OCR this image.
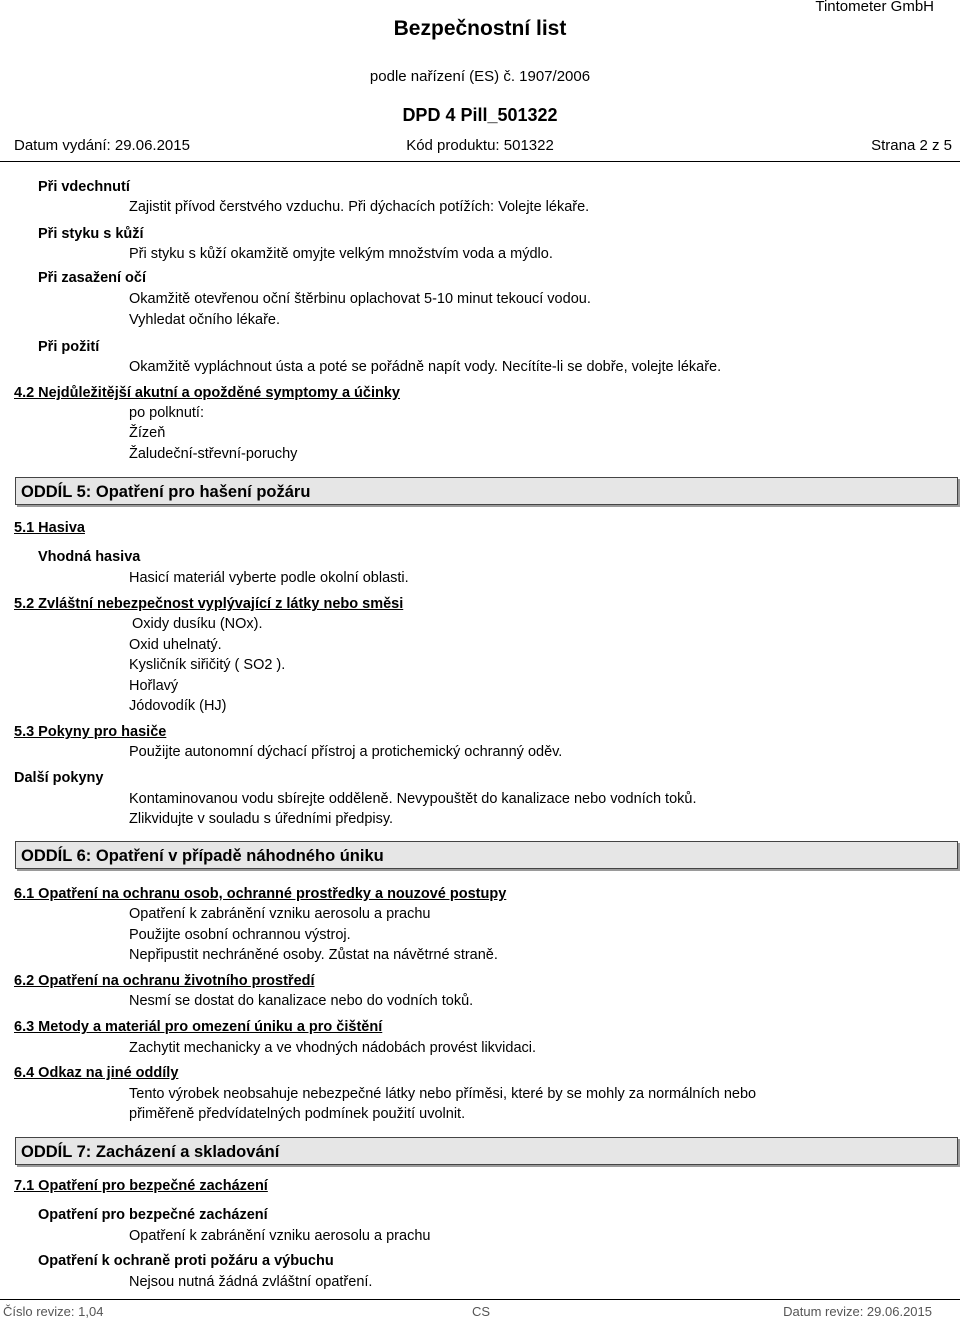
Bezpečnostní list
Tintometer GmbH
podle nařízení (ES) č. 1907/2006
DPD 4 Pill_501322
Datum vydání: 29.06.2015	Kód produktu: 501322	Strana 2 z 5
Při vdechnutí
Zajistit přívod čerstvého vzduchu. Při dýchacích potížích: Volejte lékaře.
Při styku s kůží
Při styku s kůží okamžitě omyjte velkým množstvím voda a mýdlo.
Při zasažení očí
Okamžitě otevřenou oční štěrbinu oplachovat 5-10 minut tekoucí vodou.
Vyhledat očního lékaře.
Při požití
Okamžitě vypláchnout ústa a poté se pořádně napít vody. Necítíte-li se dobře, volejte lékaře.
4.2 Nejdůležitější akutní a opožděné symptomy a účinky
po polknutí:
Žízeň
Žaludeční-střevní-poruchy
ODDÍL 5: Opatření pro hašení požáru
5.1 Hasiva
Vhodná hasiva
Hasicí materiál vyberte podle okolní oblasti.
5.2 Zvláštní nebezpečnost vyplývající z látky nebo směsi
Oxidy dusíku (NOx).
Oxid uhelnatý.
Kysličník siřičitý ( SO2 ).
Hořlavý
Jódovodík (HJ)
5.3 Pokyny pro hasiče
Použijte autonomní dýchací přístroj a protichemický ochranný oděv.
Další pokyny
Kontaminovanou vodu sbírejte odděleně. Nevypouštět do kanalizace nebo vodních toků.
Zlikvidujte v souladu s úředními předpisy.
ODDÍL 6: Opatření v případě náhodného úniku
6.1 Opatření na ochranu osob, ochranné prostředky a nouzové postupy
Opatření k zabránění vzniku aerosolu a prachu
Použijte osobní ochrannou výstroj.
Nepřipustit nechráněné osoby. Zůstat na návětrné straně.
6.2 Opatření na ochranu životního prostředí
Nesmí se dostat do kanalizace nebo do vodních toků.
6.3 Metody a materiál pro omezení úniku a pro čištění
Zachytit mechanicky a ve vhodných nádobách provést likvidaci.
6.4 Odkaz na jiné oddíly
Tento výrobek neobsahuje nebezpečné látky nebo příměsi, které by se mohly za normálních nebo
přiměřeně předvídatelných podmínek použití uvolnit.
ODDÍL 7: Zacházení a skladování
7.1 Opatření pro bezpečné zacházení
Opatření pro bezpečné zacházení
Opatření k zabránění vzniku aerosolu a prachu
Opatření k ochraně proti požáru a výbuchu
Nejsou nutná žádná zvláštní opatření.
Číslo revize: 1,04	CS	Datum revize: 29.06.2015
